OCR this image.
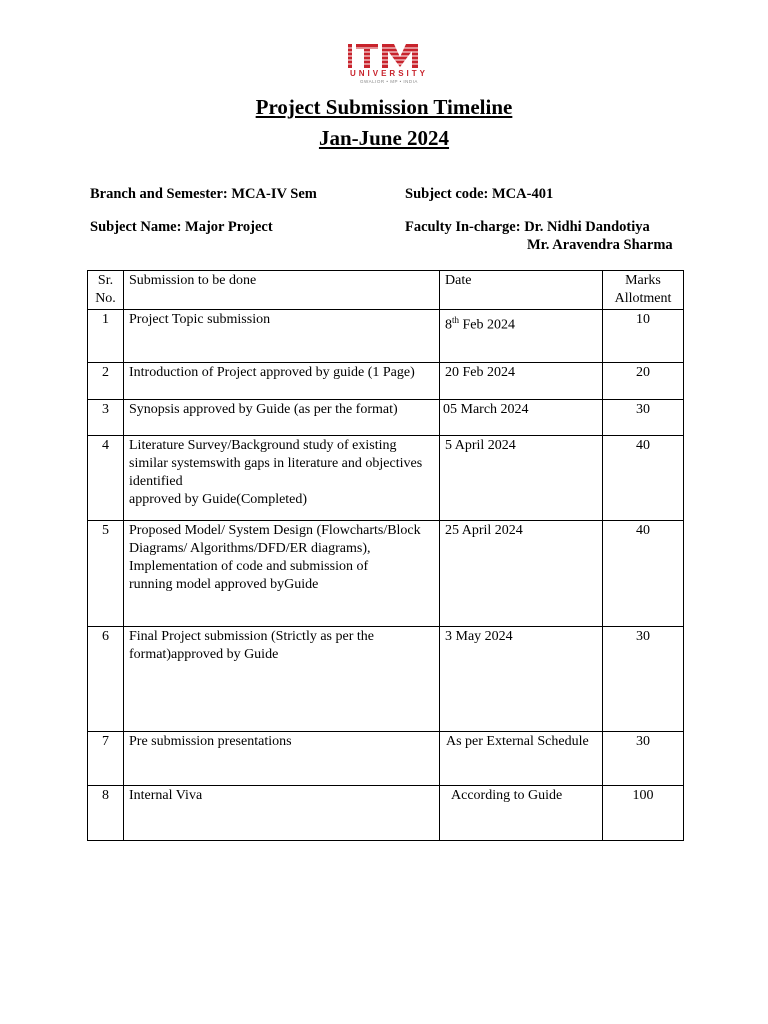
UNIVERSITY
GWALIOR • MP • INDIA
Project Submission Timeline
Jan-June 2024
Branch and Semester: MCA-IV Sem	Subject code: MCA-401
Subject Name: Major Project	Faculty In-charge: Dr. Nidhi Dandotiya
Mr. Aravendra Sharma
Sr. No.	Submission to be done	Date	Marks Allotment
1	Project Topic submission	8th Feb 2024	10
2	Introduction of Project approved by guide (1 Page)	20 Feb 2024	20
3	Synopsis approved by Guide (as per the format)	05 March 2024	30
4	Literature Survey/Background study of existing similar systemswith gaps in literature and objectives identified
approved by Guide(Completed)	5 April 2024	40
5	Proposed Model/ System Design (Flowcharts/Block Diagrams/ Algorithms/DFD/ER diagrams), Implementation of code and submission of
running model approved byGuide	25 April 2024	40
6	Final Project submission (Strictly as per the format)approved by Guide	3 May 2024	30
7	Pre submission presentations	As per External Schedule	30
8	Internal Viva	According to Guide	100
